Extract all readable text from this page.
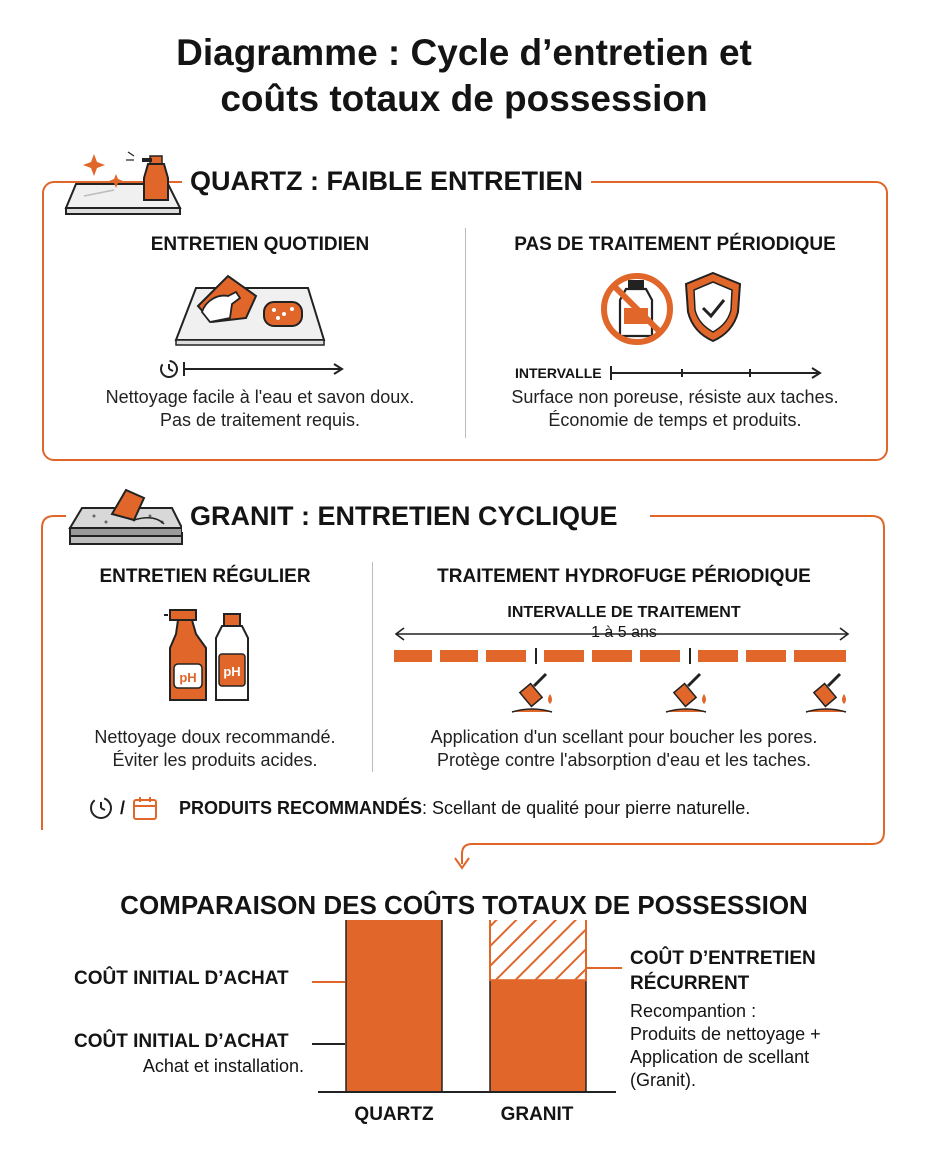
Diagramme : Cycle d’entretien et
coûts totaux de possession
QUARTZ : FAIBLE ENTRETIEN
ENTRETIEN QUOTIDIEN
Nettoyage facile à l'eau et savon doux.
Pas de traitement requis.
PAS DE TRAITEMENT PÉRIODIQUE
INTERVALLE
Surface non poreuse, résiste aux taches.
Économie de temps et produits.
GRANIT : ENTRETIEN CYCLIQUE
ENTRETIEN RÉGULIER
pH pH
Nettoyage doux recommandé.
Éviter les produits acides.
TRAITEMENT HYDROFUGE PÉRIODIQUE
INTERVALLE DE TRAITEMENT
1 à 5 ans
Application d'un scellant pour boucher les pores.
Protège contre l'absorption d'eau et les taches.
/	PRODUITS RECOMMANDÉS : Scellant de qualité pour pierre naturelle.
COMPARAISON DES COÛTS TOTAUX DE POSSESSION
COÛT INITIAL D’ACHAT
COÛT INITIAL D’ACHAT
Achat et installation.
COÛT D’ENTRETIEN
RÉCURRENT
Recomрantion :
Produits de nettoyage +
Application de scellant
(Granit).
QUARTZ	GRANIT
